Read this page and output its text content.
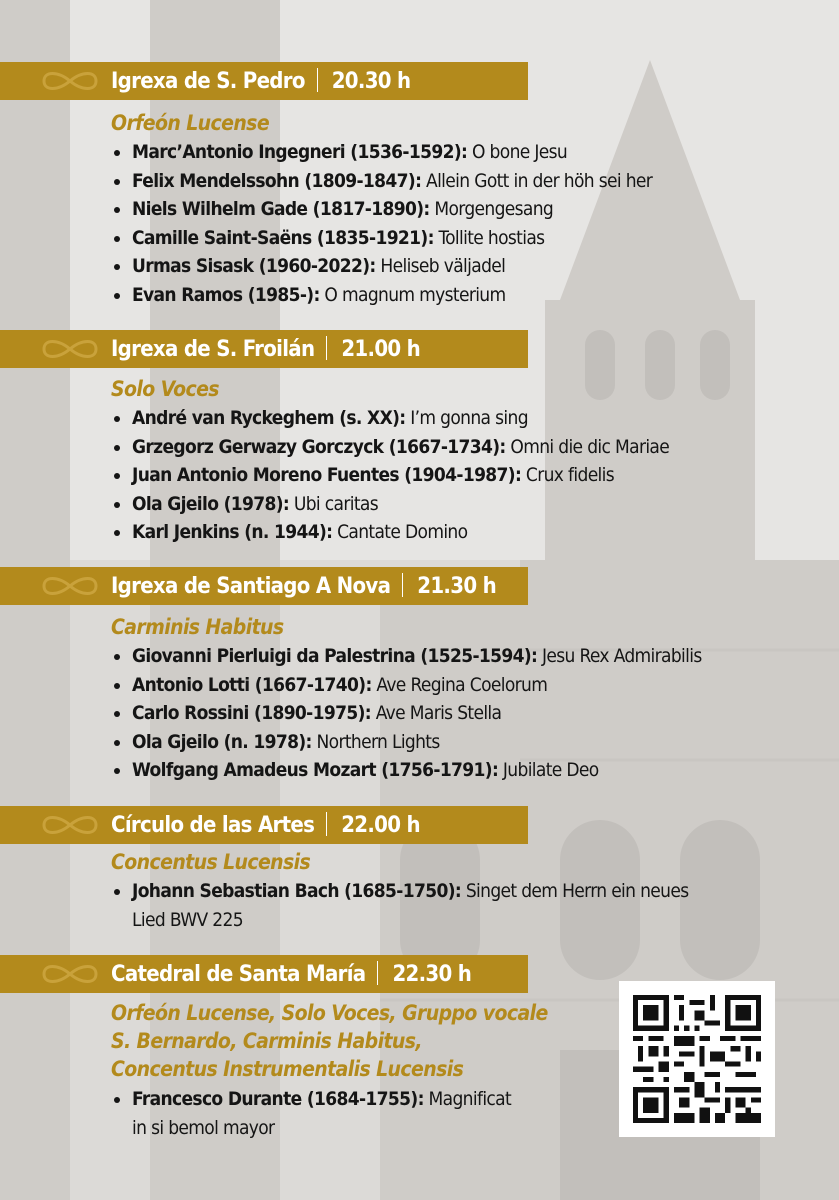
Igrexa de S. Pedro 20.30 h
Orfeón Lucense
Marc’Antonio Ingegneri (1536-1592): O bone Jesu
Felix Mendelssohn (1809-1847): Allein Gott in der höh sei her
Niels Wilhelm Gade (1817-1890): Morgengesang
Camille Saint-Saëns (1835-1921): Tollite hostias
Urmas Sisask (1960-2022): Heliseb väljadel
Evan Ramos (1985-): O magnum mysterium
Igrexa de S. Froilán 21.00 h
Solo Voces
André van Ryckeghem (s. XX): I’m gonna sing
Grzegorz Gerwazy Gorczyck (1667-1734): Omni die dic Mariae
Juan Antonio Moreno Fuentes (1904-1987): Crux fidelis
Ola Gjeilo (1978): Ubi caritas
Karl Jenkins (n. 1944): Cantate Domino
Igrexa de Santiago A Nova 21.30 h
Carminis Habitus
Giovanni Pierluigi da Palestrina (1525-1594): Jesu Rex Admirabilis
Antonio Lotti (1667-1740): Ave Regina Coelorum
Carlo Rossini (1890-1975): Ave Maris Stella
Ola Gjeilo (n. 1978): Northern Lights
Wolfgang Amadeus Mozart (1756-1791): Jubilate Deo
Círculo de las Artes 22.00 h
Concentus Lucensis
Johann Sebastian Bach (1685-1750): Singet dem Herrn ein neues
Lied BWV 225
Catedral de Santa María 22.30 h
Orfeón Lucense, Solo Voces, Gruppo vocale
S. Bernardo, Carminis Habitus,
Concentus Instrumentalis Lucensis
Francesco Durante (1684-1755): Magnificat
in si bemol mayor
